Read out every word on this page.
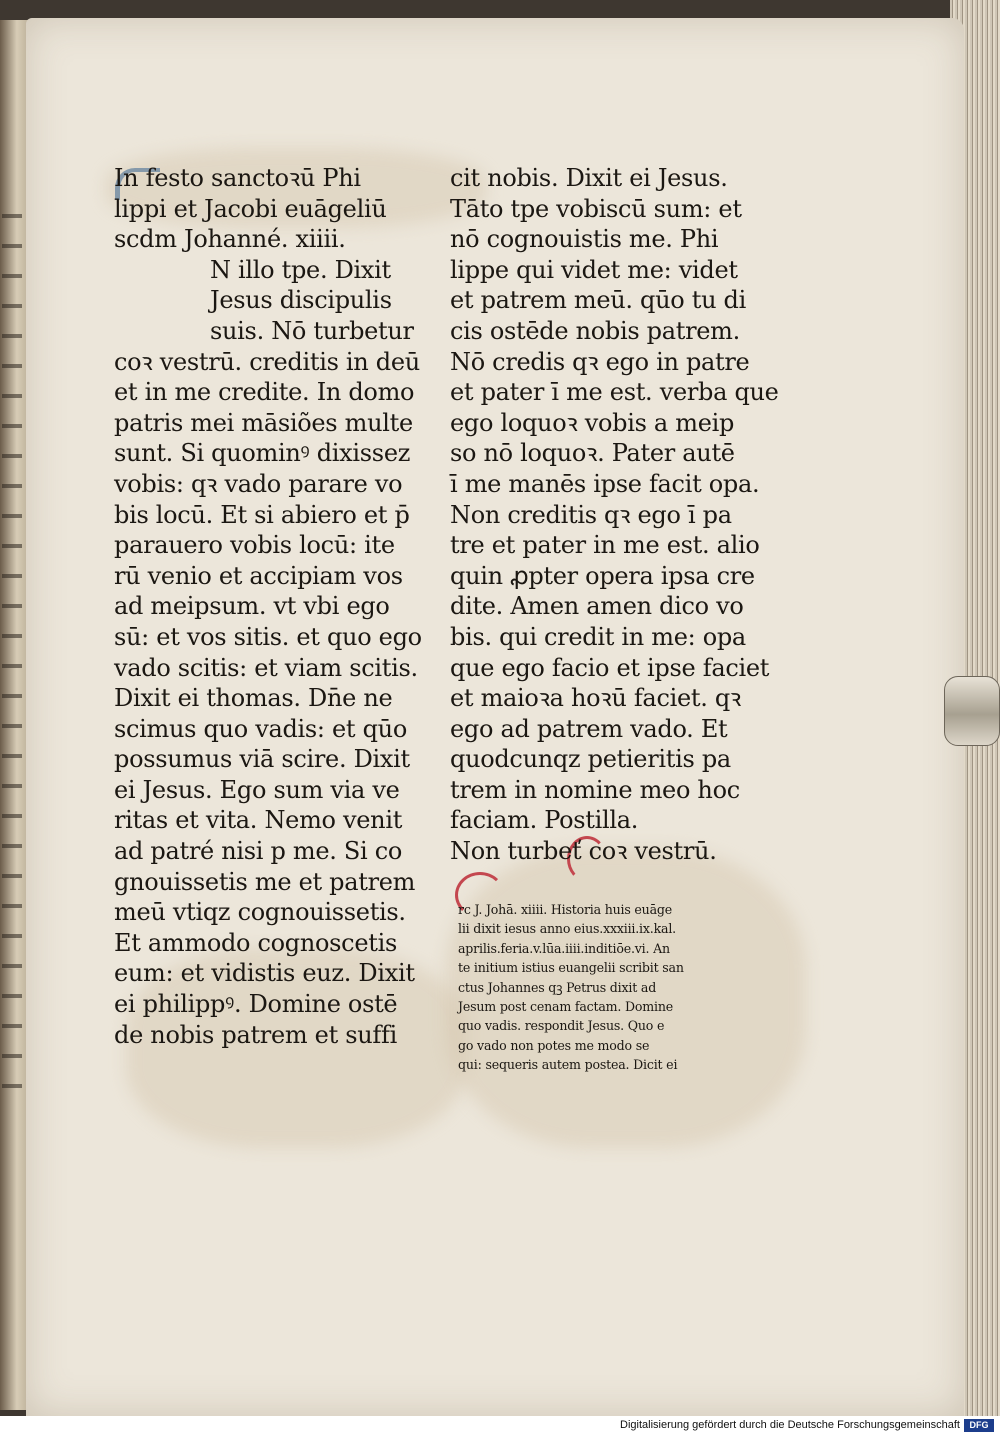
In festo sanctoꝛū Phi
lippi et Jacobi euāgeliū
scdm Johanné. xiiii.
N illo tpe. Dixit
Jesus discipulis
suis. Nō turbetur
coꝛ vestrū. creditis in deū
et in me credite. In domo
patris mei māsiões multe
sunt. Si quominꝰ dixissez
vobis: qꝛ vado parare vo
bis locū. Et si abiero et p̄
parauero vobis locū: ite
rū venio et accipiam vos
ad meipsum. vt vbi ego
sū: et vos sitis. et quo ego
vado scitis: et viam scitis.
Dixit ei thomas. Dn̄e ne
scimus quo vadis: et qūo
possumus viā scire. Dixit
ei Jesus. Ego sum via ve
ritas et vita. Nemo venit
ad patré nisi p me. Si co
gnouissetis me et patrem
meū vtiqz cognouissetis.
Et ammodo cognoscetis
eum: et vidistis euz. Dixit
ei philippꝰ. Domine ostē
de nobis patrem et suffi
cit nobis. Dixit ei Jesus.
Tāto tpe vobiscū sum: et
nō cognouistis me. Phi
lippe qui videt me: videt
et patrem meū. qūo tu di
cis ostēde nobis patrem.
Nō credis qꝛ ego in patre
et pater ī me est. verba que
ego loquoꝛ vobis a meip
so nō loquoꝛ. Pater autē
ī me manēs ipse facit opa.
Non creditis qꝛ ego ī pa
tre et pater in me est. alio
quin ꝓpter opera ipsa cre
dite. Amen amen dico vo
bis. qui credit in me: opa
que ego facio et ipse faciet
et maioꝛa hoꝛū faciet. qꝛ
ego ad patrem vado. Et
quodcunqz petieritis pa
trem in nomine meo hoc
faciam. Postilla.
Non turbeť coꝛ vestrū.
rc J. Johā. xiiii. Historia huis euāge
lii dixit iesus anno eius.xxxiii.ix.kal.
aprilis.feria.v.lūa.iiii.inditiōe.vi. An
te initium istius euangelii scribit san
ctus Johannes qꝫ Petrus dixit ad
Jesum post cenam factam. Domine
quo vadis. respondit Jesus. Quo e
go vado non potes me modo se
qui: sequeris autem postea. Dicit ei
Digitalisierung gefördert durch die Deutsche Forschungsgemeinschaft	DFG
